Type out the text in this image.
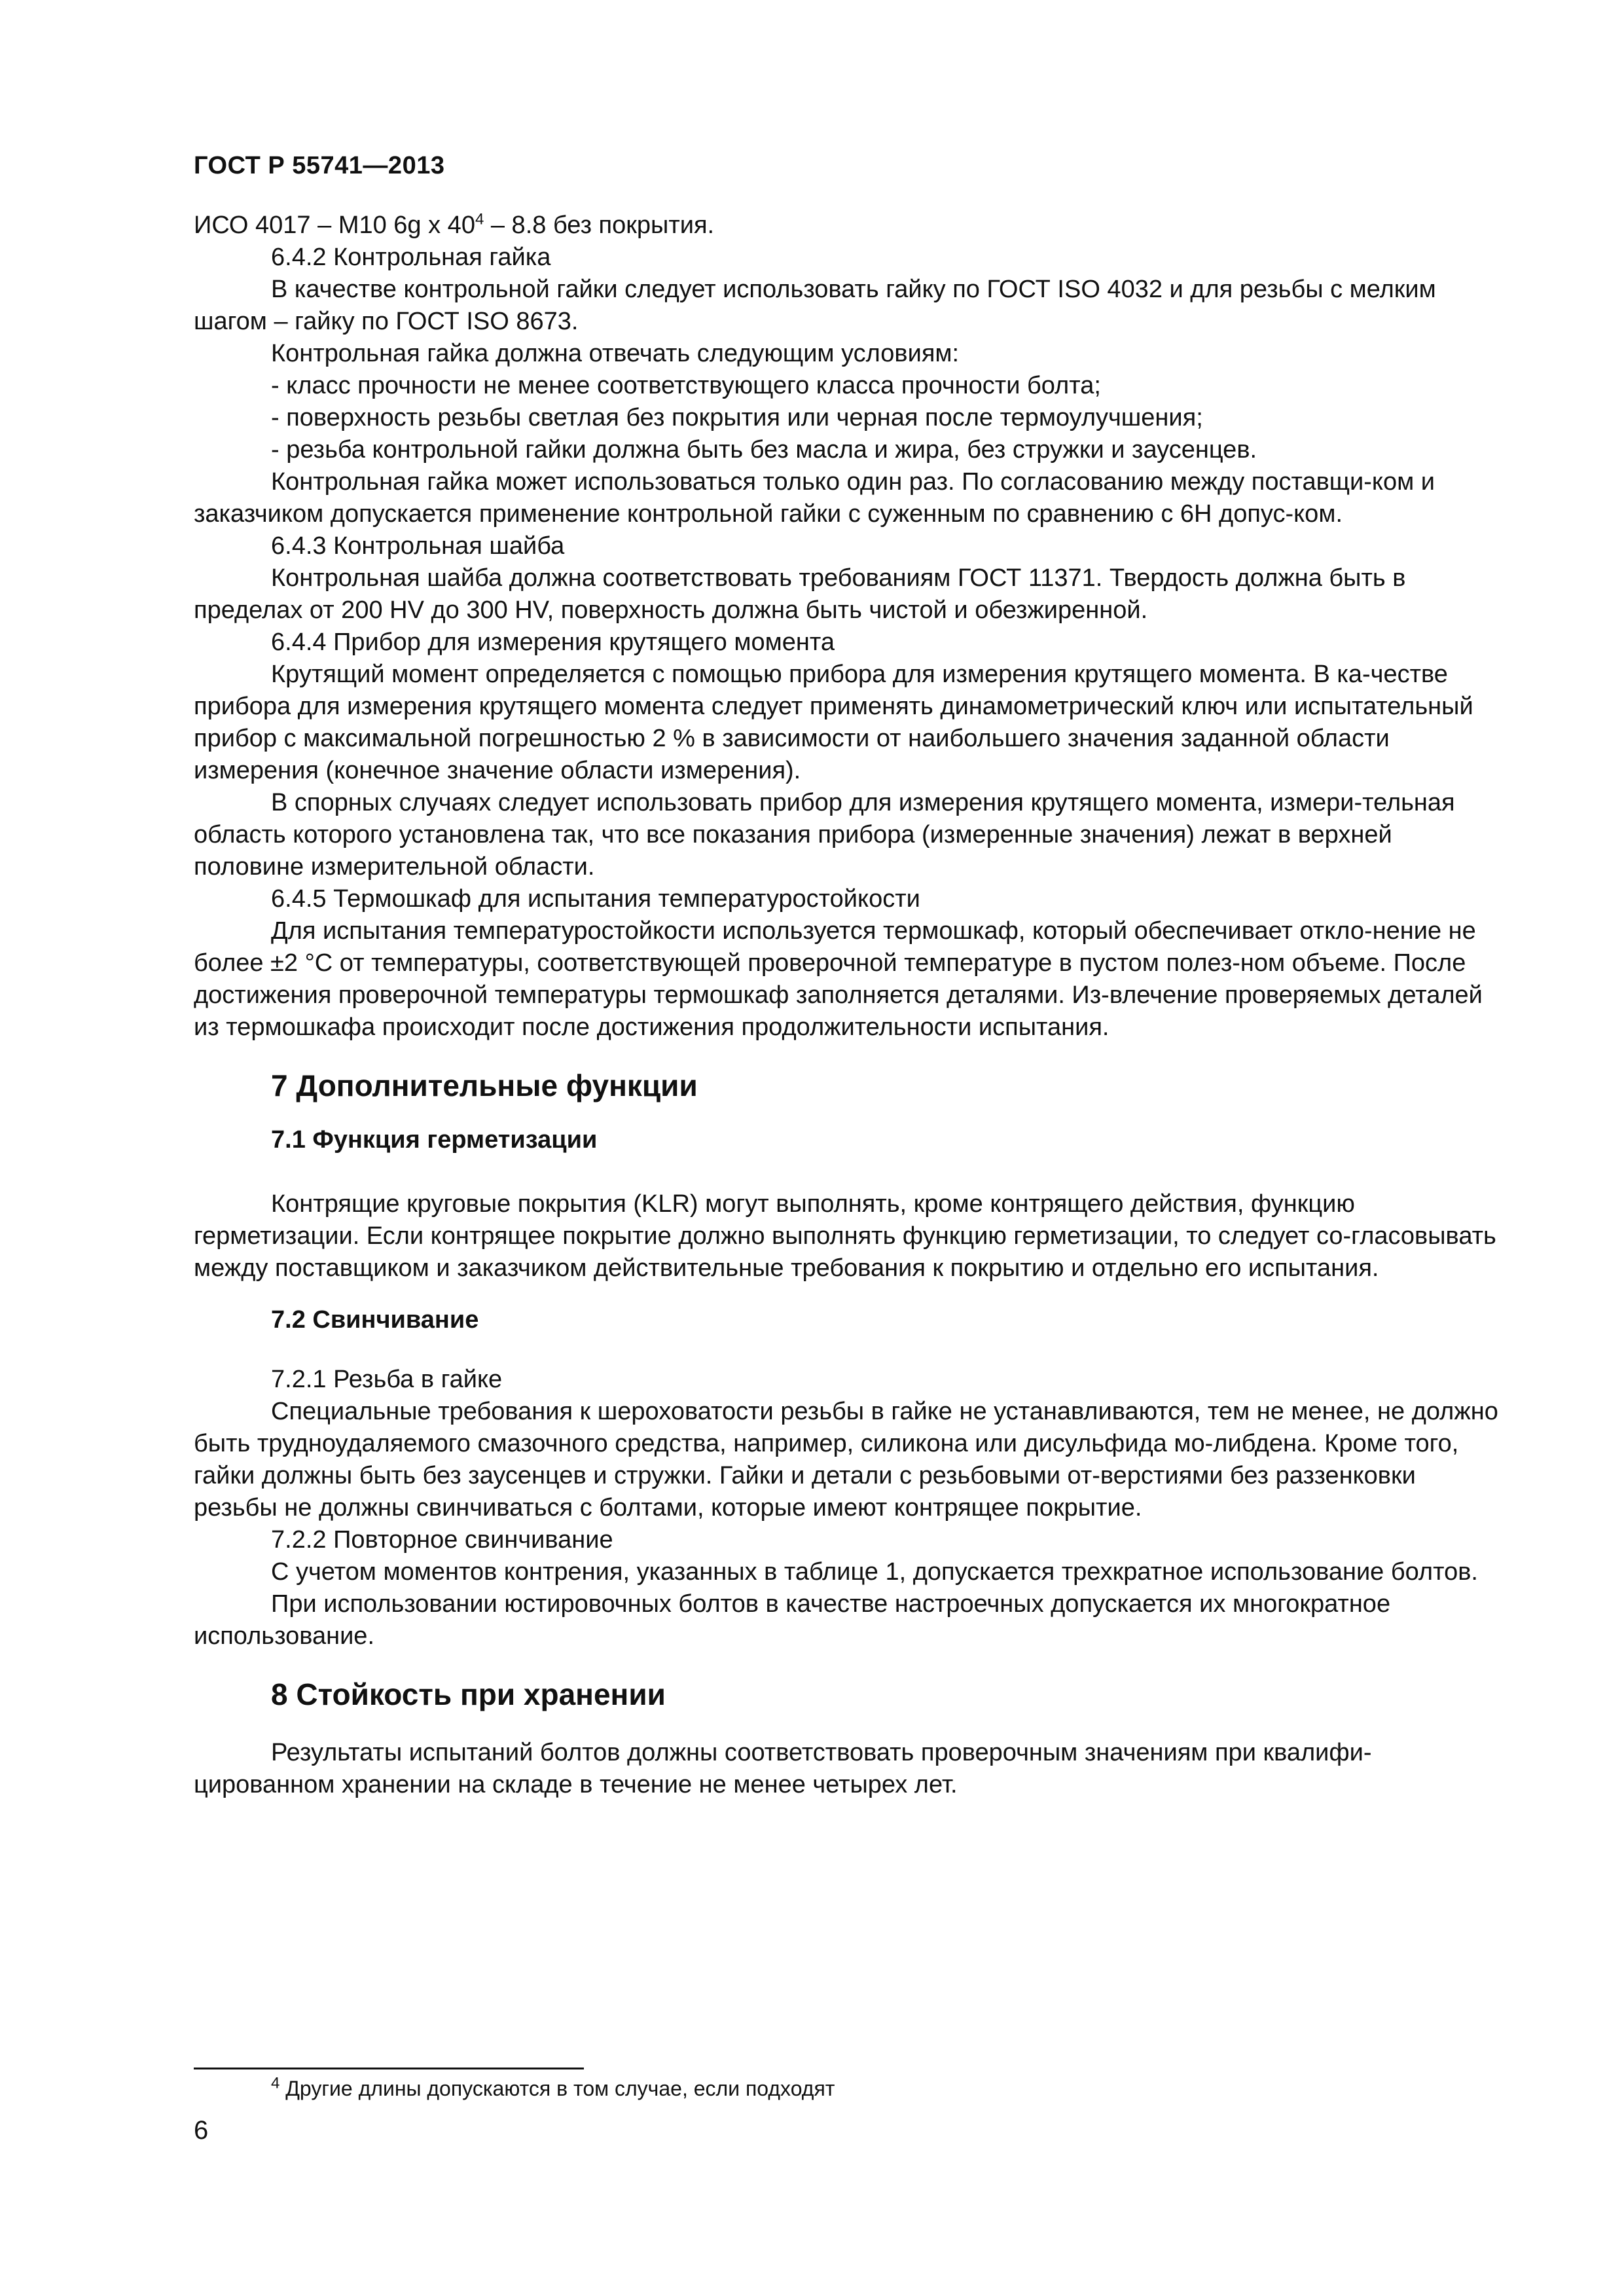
ГОСТ Р 55741—2013

ИСО 4017 – M10 6g x $40^4 - 8.8$ без покрытия.

6.4.2 Контрольная гайка

В качестве контрольной гайки следует использовать гайку по ГОСТ ISO 4032 и для резьбы с мелким шагом – гайку по ГОСТ ISO 8673.

Контрольная гайка должна отвечать следующим условиям:

- класс прочности не менее соответствующего класса прочности болта;

- поверхность резьбы светлая без покрытия или черная после термоулучшения;

- резьба контрольной гайки должна быть без масла и жира, без стружки и заусенцев.

Контрольная гайка может использоваться только один раз. По согласованию между поставщи-ком и заказчиком допускается применение контрольной гайки с суженным по сравнению с 6Н допус-ком.

6.4.3 Контрольная шайба

Контрольная шайба должна соответствовать требованиям ГОСТ 11371. Твердость должна быть в пределах от 200 HV до 300 HV, поверхность должна быть чистой и обезжиренной.

6.4.4 Прибор для измерения крутящего момента

Крутящий момент определяется с помощью прибора для измерения крутящего момента. В ка-честве прибора для измерения крутящего момента следует применять динамометрический ключ или испытательный прибор с максимальной погрешностью 2 % в зависимости от наибольшего значения заданной области измерения (конечное значение области измерения).

В спорных случаях следует использовать прибор для измерения крутящего момента, измери-тельная область которого установлена так, что все показания прибора (измеренные значения) лежат в верхней половине измерительной области.

6.4.5 Термошкаф для испытания температуростойкости

Для испытания температуростойкости используется термошкаф, который обеспечивает откло-нение не более ±2 °С от температуры, соответствующей проверочной температуре в пустом полез-ном объеме. После достижения проверочной температуры термошкаф заполняется деталями. Из-влечение проверяемых деталей из термошкафа происходит после достижения продолжительности испытания.

7 Дополнительные функции

7.1 Функция герметизации

Контрящие круговые покрытия (KLR) могут выполнять, кроме контрящего действия, функцию герметизации. Если контрящее покрытие должно выполнять функцию герметизации, то следует со-гласовывать между поставщиком и заказчиком действительные требования к покрытию и отдельно его испытания.

7.2 Свинчивание

7.2.1 Резьба в гайке

Специальные требования к шероховатости резьбы в гайке не устанавливаются, тем не менее, не должно быть трудноудаляемого смазочного средства, например, силикона или дисульфида мо-либдена. Кроме того, гайки должны быть без заусенцев и стружки. Гайки и детали с резьбовыми от-верстиями без раззенковки резьбы не должны свинчиваться с болтами, которые имеют контрящее покрытие.

7.2.2 Повторное свинчивание

С учетом моментов контрения, указанных в таблице 1, допускается трехкратное использование болтов.

При использовании юстировочных болтов в качестве настроечных допускается их многократное использование.

8 Стойкость при хранении

Результаты испытаний болтов должны соответствовать проверочным значениям при квалифи-цированном хранении на складе в течение не менее четырех лет.

$^4$ Другие длины допускаются в том случае, если подходят
6
